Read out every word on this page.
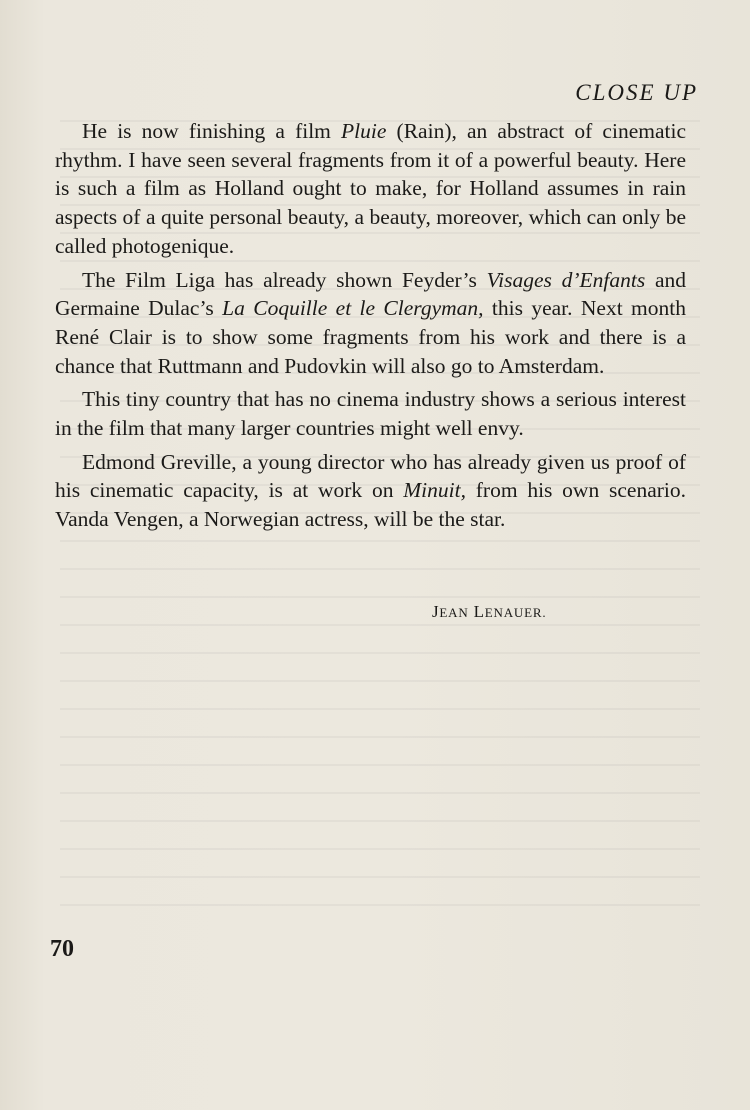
CLOSE UP

He is now finishing a film Pluie (Rain), an abstract of cinematic rhythm. I have seen several fragments from it of a powerful beauty. Here is such a film as Holland ought to make, for Holland assumes in rain aspects of a quite personal beauty, a beauty, moreover, which can only be called photogenique.

The Film Liga has already shown Feyder’s Visages d’Enfants and Germaine Dulac’s La Coquille et le Clergyman, this year. Next month René Clair is to show some fragments from his work and there is a chance that Ruttmann and Pudovkin will also go to Amsterdam.

This tiny country that has no cinema industry shows a serious interest in the film that many larger countries might well envy.

Edmond Greville, a young director who has already given us proof of his cinematic capacity, is at work on Minuit, from his own scenario. Vanda Vengen, a Norwegian actress, will be the star.

JEAN LENAUER.
70
